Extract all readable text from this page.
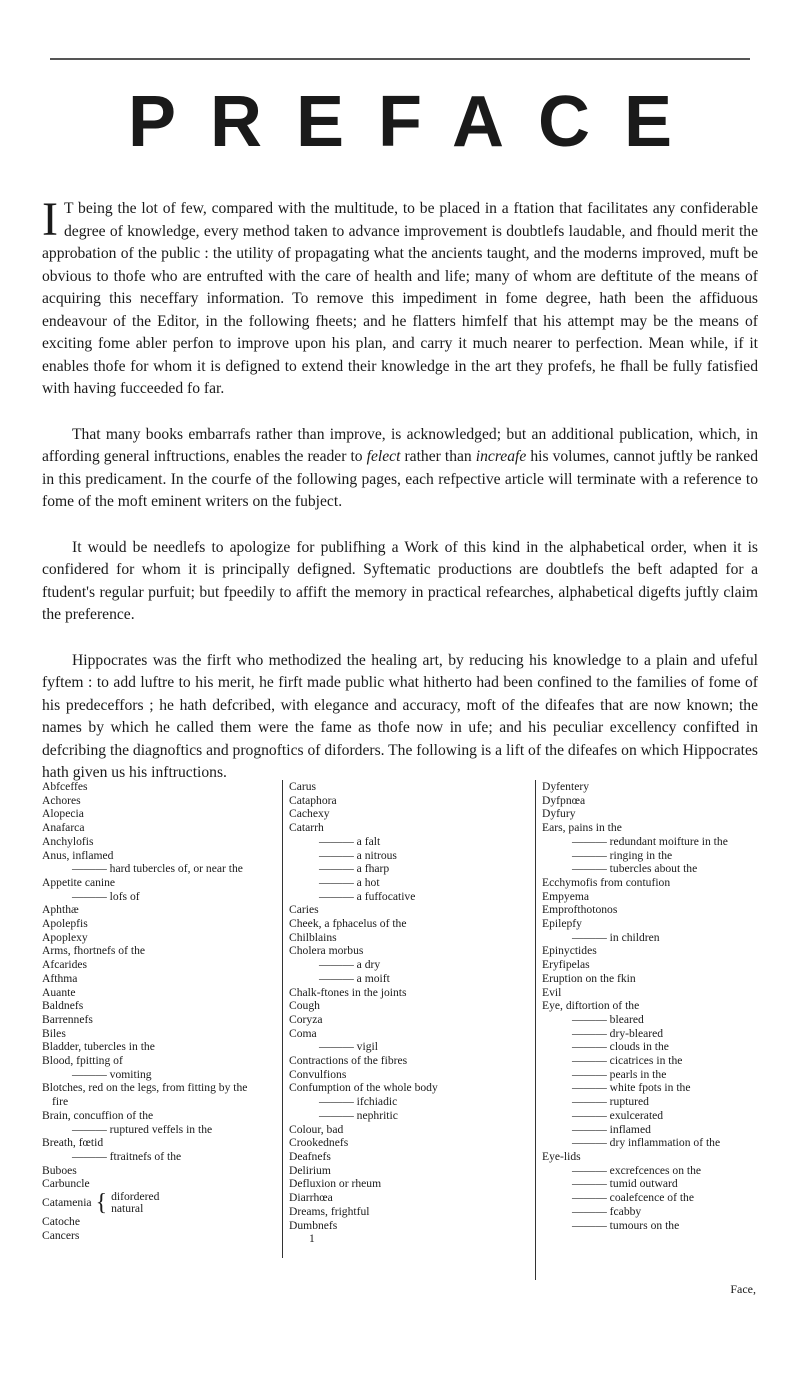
PREFACE

I T being the lot of few, compared with the multitude, to be placed in a ftation that facilitates any confiderable degree of knowledge, every method taken to advance improvement is doubtlefs laudable, and fhould merit the approbation of the public : the utility of propagating what the ancients taught, and the moderns improved, muft be obvious to thofe who are entrufted with the care of health and life; many of whom are deftitute of the means of acquiring this neceffary information. To remove this impediment in fome degree, hath been the affiduous endeavour of the Editor, in the following fheets; and he flatters himfelf that his attempt may be the means of exciting fome abler perfon to improve upon his plan, and carry it much nearer to perfection. Mean while, if it enables thofe for whom it is defigned to extend their knowledge in the art they profefs, he fhall be fully fatisfied with having fucceeded fo far.

That many books embarrafs rather than improve, is acknowledged; but an additional publication, which, in affording general inftructions, enables the reader to felect rather than increafe his volumes, cannot juftly be ranked in this predicament. In the courfe of the following pages, each refpective article will terminate with a reference to fome of the moft eminent writers on the fubject.

It would be needlefs to apologize for publifhing a Work of this kind in the alphabetical order, when it is confidered for whom it is principally defigned. Syftematic productions are doubtlefs the beft adapted for a ftudent's regular purfuit; but fpeedily to affift the memory in practical refearches, alphabetical digefts juftly claim the preference.

Hippocrates was the firft who methodized the healing art, by reducing his knowledge to a plain and ufeful fyftem : to add luftre to his merit, he firft made public what hitherto had been confined to the families of fome of his predeceffors ; he hath defcribed, with elegance and accuracy, moft of the difeafes that are now known; the names by which he called them were the fame as thofe now in ufe; and his peculiar excellency confifted in defcribing the diagnoftics and prognoftics of diforders. The following is a lift of the difeafes on which Hippocrates hath given us his inftructions.

Abfceffes
Achores
Alopecia
Anafarca
Anchylofis
Anus, inflamed
——— hard tubercles of, or near the
Appetite canine
——— lofs of
Aphthæ
Apolepfis
Apoplexy
Arms, fhortnefs of the
Afcarides
Afthma
Auante
Baldnefs
Barrennefs
Biles
Bladder, tubercles in the
Blood, fpitting of
——— vomiting
Blotches, red on the legs, from fitting by the fire
Brain, concuffion of the
——— ruptured veffels in the
Breath, fœtid
——— ftraitnefs of the
Buboes
Carbuncle
Catamenia { difordered
natural
Catoche
Cancers
Carus
Cataphora
Cachexy
Catarrh
——— a falt
——— a nitrous
——— a fharp
——— a hot
——— a fuffocative
Caries
Cheek, a fphacelus of the
Chilblains
Cholera morbus
——— a dry
——— a moift
Chalk-ftones in the joints
Cough
Coryza
Coma
——— vigil
Contractions of the fibres
Convulfions
Confumption of the whole body
——— ifchiadic
——— nephritic
Colour, bad
Crookednefs
Deafnefs
Delirium
Defluxion or rheum
Diarrhœa
Dreams, frightful
Dumbnefs
1
Dyfentery
Dyfpnœa
Dyfury
Ears, pains in the
——— redundant moifture in the
——— ringing in the
——— tubercles about the
Ecchymofis from contufion
Empyema
Emprofthotonos
Epilepfy
——— in children
Epinyctides
Eryfipelas
Eruption on the fkin
Evil
Eye, diftortion of the
——— bleared
——— dry-bleared
——— clouds in the
——— cicatrices in the
——— pearls in the
——— white fpots in the
——— ruptured
——— exulcerated
——— inflamed
——— dry inflammation of the
Eye-lids
——— excrefcences on the
——— tumid outward
——— coalefcence of the
——— fcabby
——— tumours on the
Face,
